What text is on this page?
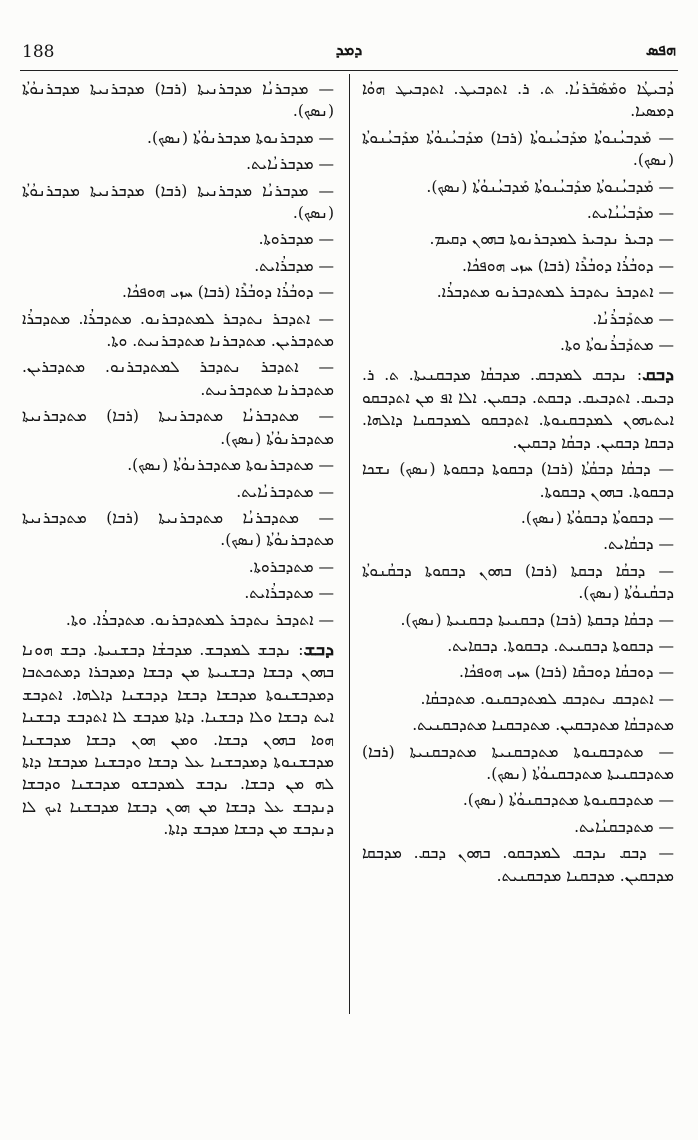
188	ܕܡܕ	ܗܦܣ

ܕܳܒܝܛܳܐ ܘܡܰܣܰܒܰܪܢܳܐ. ܬ. ܪ. ܐܬܕܒܝܛ. ܐܬܕܒܝܛ ܗܘܳܐ ܕܡܣܝܐ.

— ܡܰܕܒܝܳܢܘܬܳܐ ܡܕܰܒܝܳܢܘܬܳܐ (ܪܒܐ) ܡܕܰܒܝܳܢܘܳܬܳܐ ܡܕܰܒܝܳܢܘܬܳܐ (ܢܣܟ).

— ܡܰܕܒܝܳܢܘܬܳܐ ܡܕܰܒܝܳܢܘܬܳܐ ܡܰܕܒܝܳܢܘܳܬܳܐ (ܢܣܟ).

— ܡܕܰܒܝܳܢܳܐܝܬ.

— ܕܒܝܪ ܢܕܒܝܪ ܠܡܕܒܪܢܘܬܐ ܒܗܘܢ ܕܩܝܡ.

— ܕܘܒܳܪܳܐ ܕܘܒܳܪܶܐ (ܪܒܐ) ܚܙܝ ܗܘܦܟܳܐ.

— ܐܬܕܒܪ ܢܬܕܒܪ ܠܡܬܕܒܪܢܘ ܡܬܕܒܪܳܐ.

— ܡܬܕܰܒܪܳܢܳܐ.

— ܡܬܕܰܒܪܳܢܘܬܳܐ ܘܬܐ.

ܕܒܩ: ܢܕܒܩ ܠܡܕܒܩ. ܡܕܒܩܳܐ ܡܕܒܩܢܝܬܐ. ܬ. ܪ. ܕܒܝܩ. ܐܬܕܒܝܩ. ܕܒܩܬ. ܕܒܩܝܢ. ܐܠܐ ܐܦ ܡܢ ܐܬܕܒܩܘ ܐܝܬܝܗܘܢ ܠܡܕܒܩܢܘܬܐ. ܐܬܕܒܩܘ ܠܡܕܒܩܢܐ ܕܐܠܗܐ. ܕܒܩܐ ܕܒܩܝܢ. ܕܒܩܳܐ ܕܒܩܝܢ.

— ܕܒܩܳܐ ܕܒܩܳܬܳܐ (ܪܒܐ) ܕܒܩܘܬܐ ܕܒܩܘܬܐ (ܢܣܟ) ܢܫܟܐ ܕܒܩܘܬܐ. ܒܗܘܢ ܕܒܩܘܬܐ.

— ܕܒܩܘܬܳܐ ܕܒܩܘܳܬܳܐ (ܢܣܟ).

— ܕܒܩܳܐܝܬ.

— ܕܒܩܳܐ ܕܒܩܬܐ (ܪܒܐ) ܒܗܘܢ ܕܒܩܘܬܐ ܕܒܩܳܢܘܬܳܐ ܕܒܩܳܢܘܳܬܳܐ (ܢܣܟ).

— ܕܒܩܳܐ ܕܒܩܬܐ (ܪܒܐ) ܕܒܩܢܝܬܐ ܕܒܩܢܝܬܐ (ܢܣܟ).

— ܕܒܩܘܬܐ ܕܒܩܢܝܬ. ܕܒܩܘܬܐ. ܕܒܩܐܝܬ.

— ܕܘܒܩܳܐ ܕܘܒܩܶܐ (ܪܒܐ) ܚܙܝ ܗܘܦܟܳܐ.

— ܐܬܕܒܩ ܢܬܕܒܩ ܠܡܬܕܒܩܢܘ. ܡܬܕܒܩܳܐ.

ܡܬܕܒܩܳܐ ܡܬܕܒܩܝܢ. ܡܬܕܒܩܢܐ ܡܬܕܒܩܢܝܬ.

— ܡܬܕܒܩܢܘܬܐ ܡܬܕܒܩܢܝܬܐ ܡܬܕܒܩܢܝܬܐ (ܪܒܐ) ܡܬܕܒܩܢܝܬܐ ܡܬܕܒܩܢܘܳܬܳܐ (ܢܣܟ).

— ܡܬܕܒܩܢܘܬܐ ܡܬܕܒܩܢܘܳܬܳܐ (ܢܣܟ).

— ܡܬܕܒܩܢܳܐܝܬ.

— ܕܒܩ ܢܕܒܩ ܠܡܕܒܩܘ. ܒܗܘܢ ܕܒܩ. ܡܕܒܩܐ ܡܕܒܩܝܢ. ܡܕܒܩܢܐ ܡܕܒܩܢܝܬ.

— ܡܕܒܪܢܳܐ ܡܕܒܪܢܝܬܐ (ܪܒܐ) ܡܕܒܪܢܝܬܐ ܡܕܒܪܢܘܳܬܳܐ (ܢܣܟ).

— ܡܕܒܪܢܘܬܐ ܡܕܒܪܢܘܳܬܳܐ (ܢܣܟ).

— ܡܕܒܪܢܳܐܝܬ.

— ܡܕܒܪܢܳܐ ܡܕܒܪܢܝܬܐ (ܪܒܐ) ܡܕܒܪܢܝܬܐ ܡܕܒܪܢܘܳܬܳܐ (ܢܣܟ).

— ܡܕܒܪܘܬܐ.

— ܡܕܒܪܳܐܝܬ.

— ܕܘܒܳܪܳܐ ܕܘܒܳܪܶܐ (ܪܒܐ) ܚܙܝ ܗܘܦܟܳܐ.

— ܐܬܕܒܪ ܢܬܕܒܪ ܠܡܬܕܒܪܢܘ. ܡܬܕܒܪܳܐ. ܡܬܕܒܪܳܐ ܡܬܕܒܪܝܢ. ܡܬܕܒܪܢܐ ܡܬܕܒܪܢܝܬ. ܘܬܐ.

— ܐܬܕܒܪ ܢܬܕܒܪ ܠܡܬܕܒܪܢܘ. ܡܬܕܒܪܝܢ. ܡܬܕܒܪܢܐ ܡܬܕܒܪܢܝܬ.

— ܡܬܕܒܪܢܳܐ ܡܬܕܒܪܢܝܬܐ (ܪܒܐ) ܡܬܕܒܪܢܝܬܐ ܡܬܕܒܪܢܘܳܬܳܐ (ܢܣܟ).

— ܡܬܕܒܪܢܘܬܐ ܡܬܕܒܪܢܘܳܬܳܐ (ܢܣܟ).

— ܡܬܕܒܪܢܳܐܝܬ.

— ܡܬܕܒܪܢܳܐ ܡܬܕܒܪܢܝܬܐ (ܪܒܐ) ܡܬܕܒܪܢܝܬܐ ܡܬܕܒܪܢܘܳܬܳܐ (ܢܣܟ).

— ܡܬܕܒܪܘܬܐ.

— ܡܬܕܒܪܳܐܝܬ.

— ܐܬܕܒܪ ܢܬܕܒܪ ܠܡܬܕܒܪܢܘ. ܡܬܕܒܪܳܐ. ܘܬܐ.

ܕܒܫ: ܢܕܒܫ ܠܡܕܒܫ. ܡܕܒܫܳܐ ܕܒܫܢܝܬܐ. ܕܒܫ ܗܘܢܐ ܒܗܘܢ ܕܒܫܐ ܕܒܫܢܝܬܐ ܡܢ ܕܒܫܐ ܕܡܕܒܪܐ ܕܡܬܟܬܒܐ ܕܡܕܒܫܢܘܬܐ ܡܕܒܫܐ ܕܒܫܐ ܕܕܒܫܢܐ ܕܐܠܗܐ. ܐܬܕܒܫ ܐܝܬ ܕܒܫܐ ܘܠܐ ܕܒܫܢܐ. ܕܐܬܐ ܡܕܒܫ ܠܐ ܐܬܕܒܫ ܕܒܫܢܐ ܗܘܐ ܒܗܘܢ ܕܒܫܐ. ܘܡܢ ܗܘܢ ܕܒܫܐ ܡܕܒܫܢܐ ܡܕܒܫܢܘܬܐ ܕܡܕܒܫܢܐ ܥܠ ܕܒܫܐ ܘܕܒܫܢܐ ܡܕܒܫܐ ܕܐܬܐ ܠܗ ܡܢ ܕܒܫܐ. ܢܕܒܫ ܠܡܕܒܫܘ ܡܕܒܫܢܐ ܘܕܒܫܐ ܕܢܕܒܫ ܥܠ ܕܒܫܐ ܡܢ ܗܘܢ ܕܒܫܐ ܡܕܒܫܢܐ ܐܝܟ ܠܐ ܕܢܕܒܫ ܡܢ ܕܒܫܐ ܡܕܒܫ ܕܐܬܐ.
